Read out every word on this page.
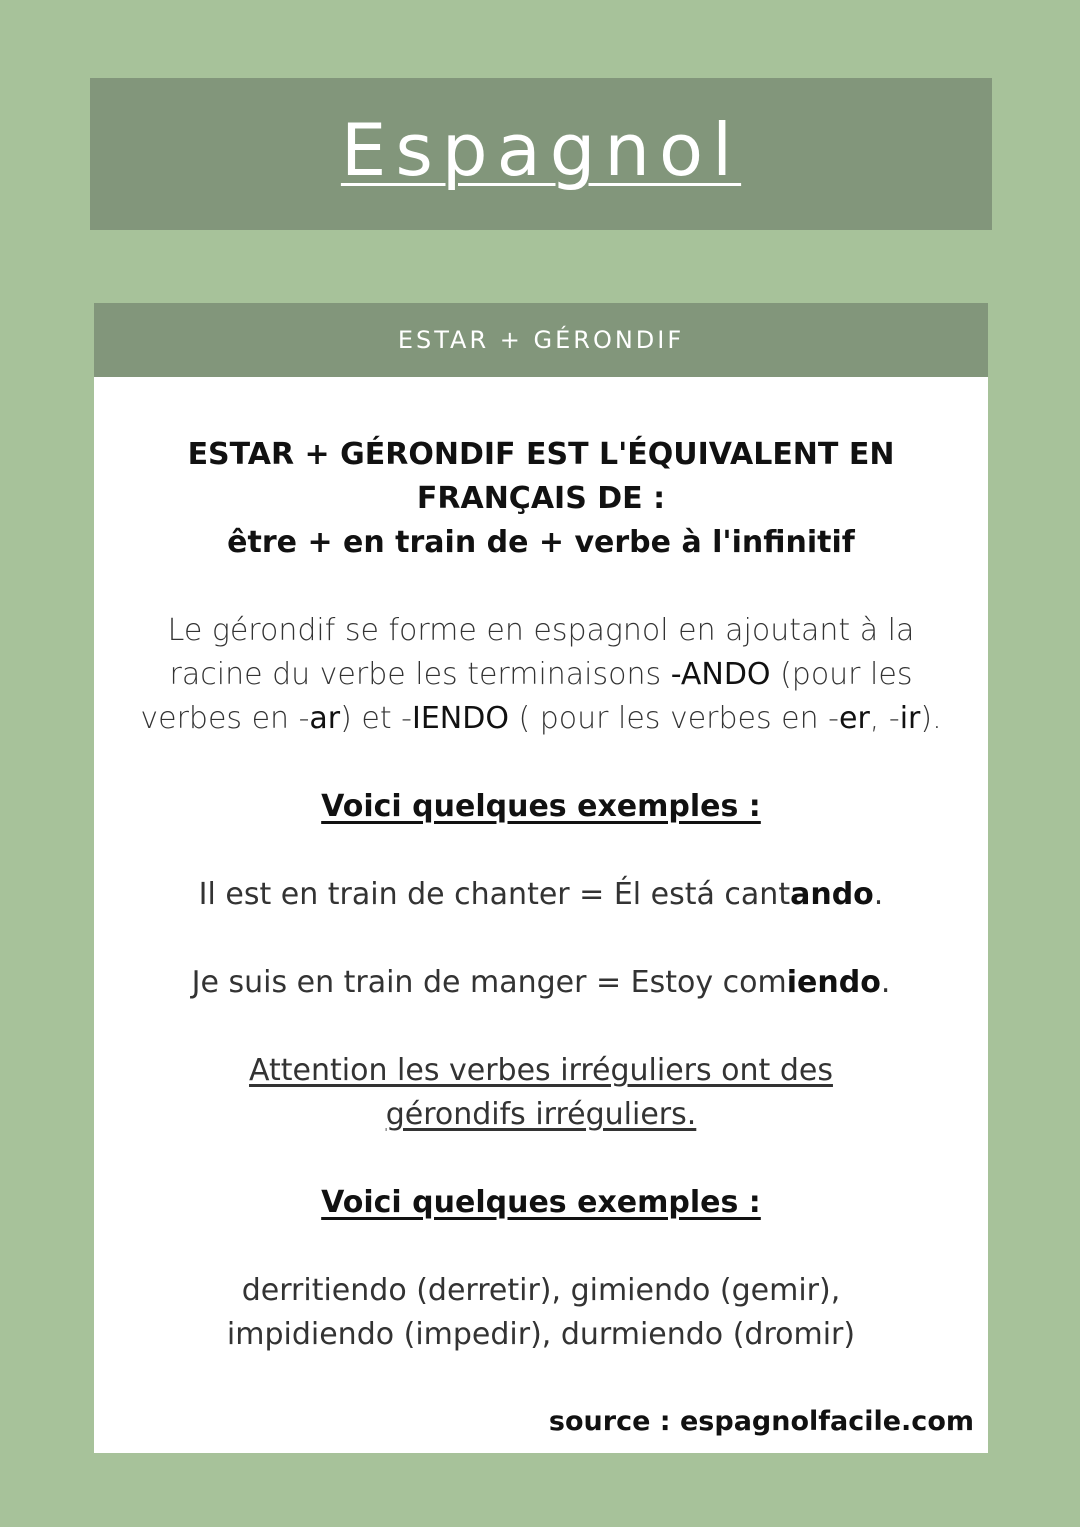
Espagnol
ESTAR + GÉRONDIF
ESTAR + GÉRONDIF EST L'ÉQUIVALENT EN FRANÇAIS DE :
être + en train de + verbe à l'infinitif
Le gérondif se forme en espagnol en ajoutant à la racine du verbe les terminaisons -ANDO (pour les verbes en -ar) et -IENDO ( pour les verbes en -er, -ir).
Voici quelques exemples :
Il est en train de chanter = Él está cantando.
Je suis en train de manger = Estoy comiendo.
Attention les verbes irréguliers ont des gérondifs irréguliers.
Voici quelques exemples :
derritiendo (derretir), gimiendo (gemir), impidiendo (impedir), durmiendo (dromir)
source : espagnolfacile.com
